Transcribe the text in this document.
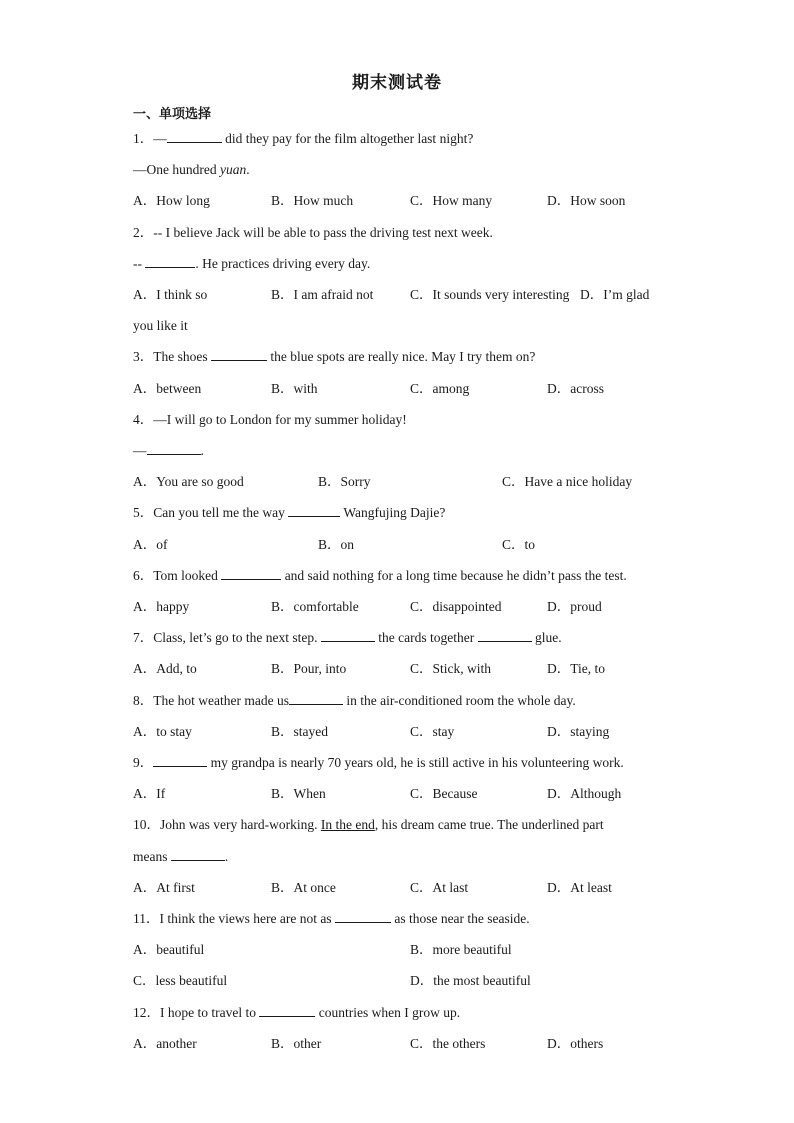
期末测试卷
一、单项选择
1．—	did they pay for the film altogether last night?
—One hundred yuan.
A．How long	B．How much	C．How many	D．How soon
2．-- I believe Jack will be able to pass the driving test next week.
--	. He practices driving every day.
A．I think so	B．I am afraid not	C．It sounds very interesting D．I’m glad
you like it
3．The shoes	the blue spots are really nice. May I try them on?
A．between	B．with	C．among	D．across
4．—I will go to London for my summer holiday!
—	.
A．You are so good	B．Sorry	C．Have a nice holiday
5．Can you tell me the way	Wangfujing Dajie?
A．of	B．on	C．to
6．Tom looked	and said nothing for a long time because he didn’t pass the test.
A．happy	B．comfortable	C．disappointed	D．proud
7．Class, let’s go to the next step.	the cards together	glue.
A．Add, to	B．Pour, into	C．Stick, with	D．Tie, to
8．The hot weather made us	in the air-conditioned room the whole day.
A．to stay	B．stayed	C．stay	D．staying
9．	my grandpa is nearly 70 years old, he is still active in his volunteering work.
A．If	B．When	C．Because	D．Although
10．John was very hard-working. In the end, his dream came true. The underlined part
means	.
A．At first	B．At once	C．At last	D．At least
11．I think the views here are not as	as those near the seaside.
A．beautiful	B．more beautiful
C．less beautiful	D．the most beautiful
12．I hope to travel to	countries when I grow up.
A．another	B．other	C．the others	D．others
